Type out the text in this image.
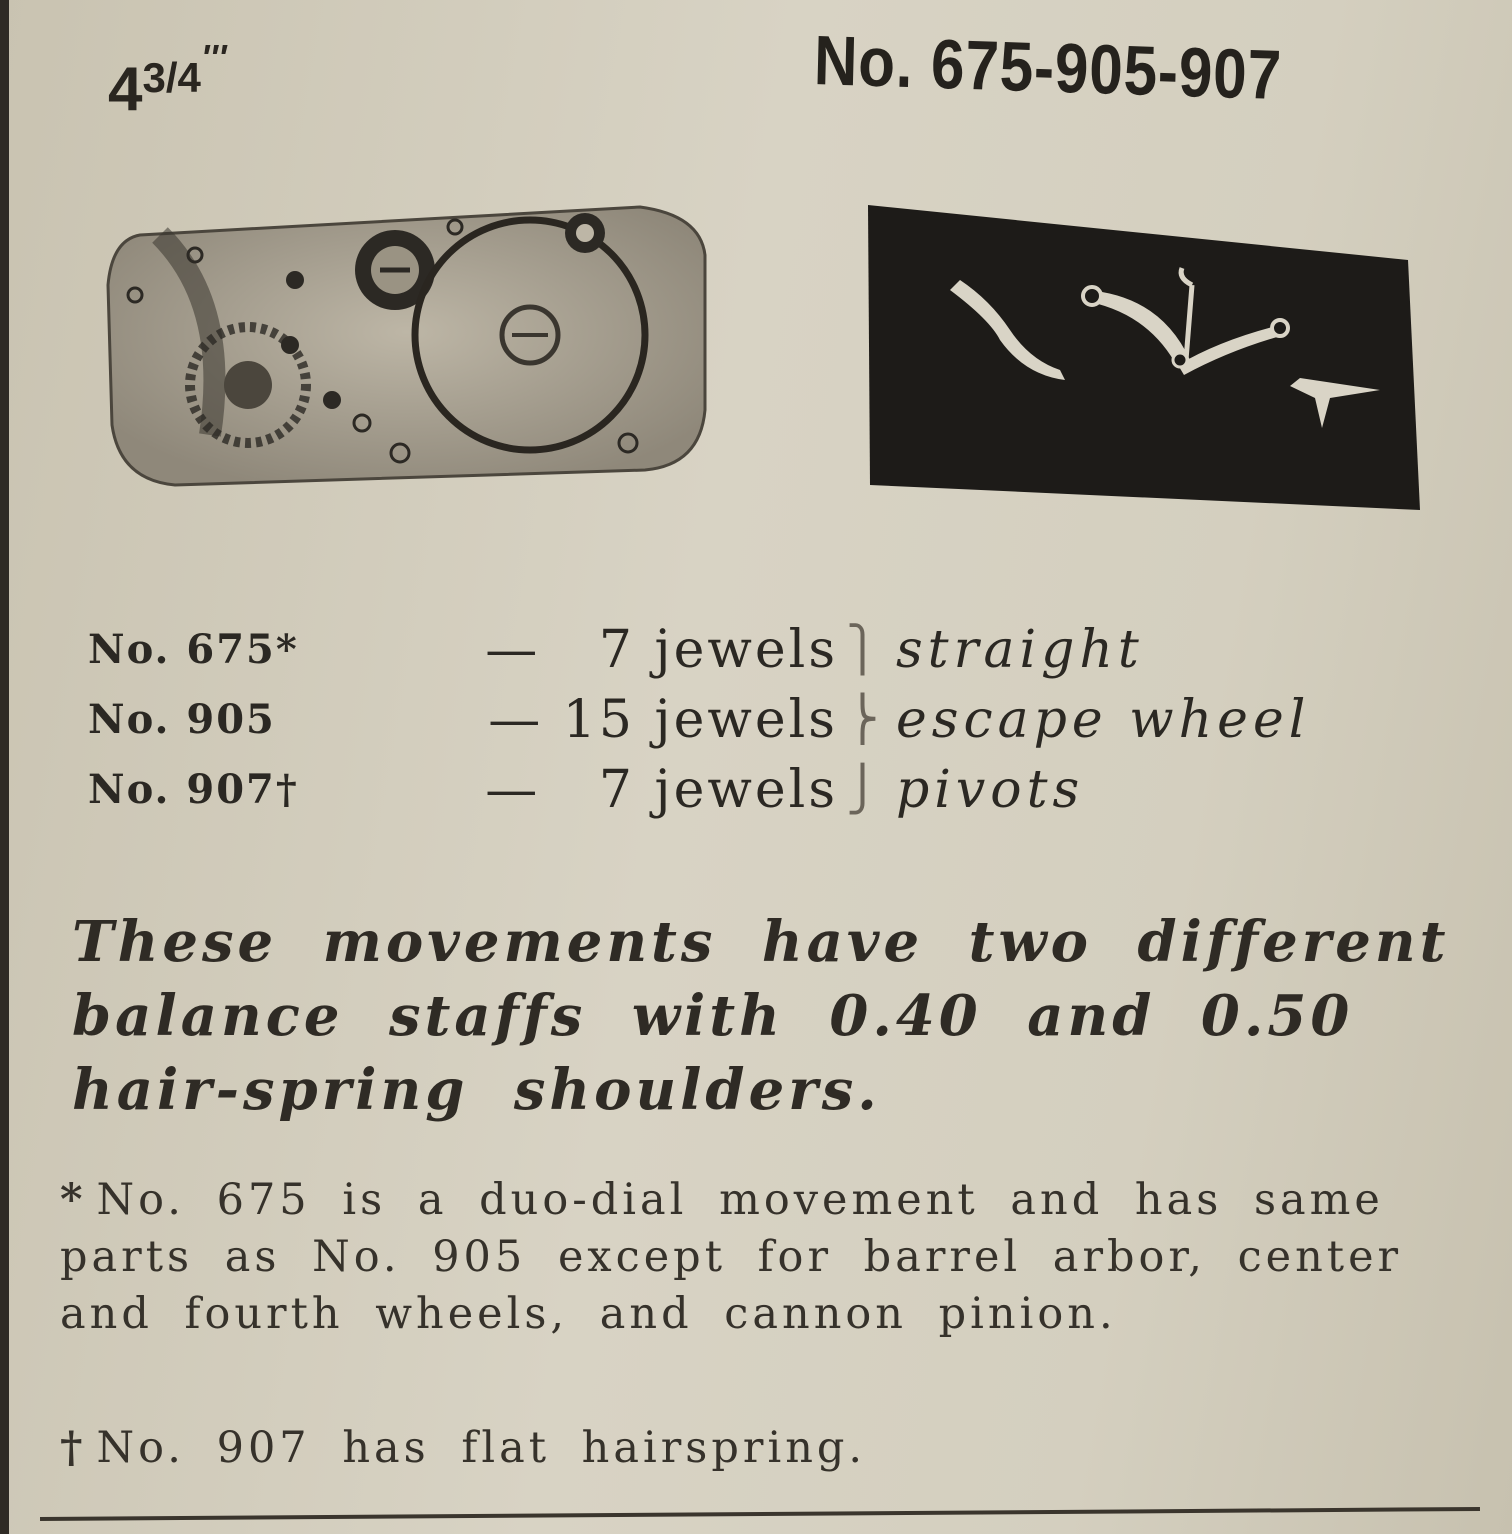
$4^{3/4'''}$	No. 675-905-907
No. 675*	— 7 jewels ⎫ straight
No. 905	— 15 jewels ⎬ escape wheel
No. 907†	— 7 jewels ⎭ pivots
These movements have two different balance staffs with 0.40 and 0.50 hair-spring shoulders.
* No. 675 is a duo-dial movement and has same parts as No. 905 except for barrel arbor, center and fourth wheels, and cannon pinion.
† No. 907 has flat hairspring.
